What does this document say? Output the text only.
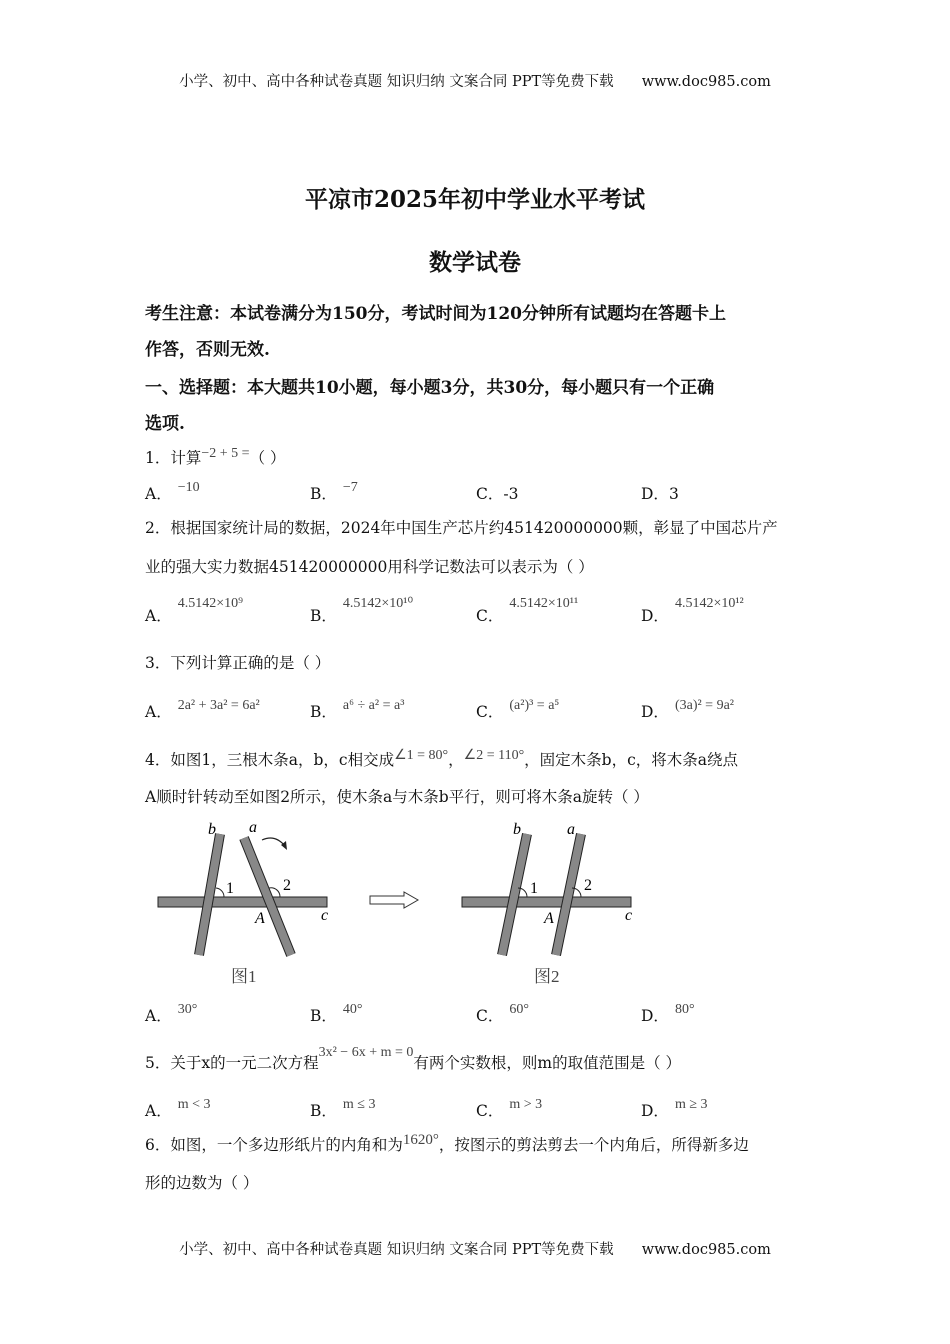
小学、初中、高中各种试卷真题 知识归纳 文案合同 PPT等免费下载 www.doc985.com
平凉市2025年初中学业水平考试
数学试卷
考生注意：本试卷满分为150分，考试时间为120分钟所有试题均在答题卡上
作答，否则无效.
一、选择题：本大题共10小题，每小题3分，共30分，每小题只有一个正确
选项.
1．计算−2 + 5 =（ ）
A． −10	B． −7	C．-3	D．3
2．根据国家统计局的数据，2024年中国生产芯片约451420000000颗，彰显了中国芯片产
业的强大实力数据451420000000用科学记数法可以表示为（ ）
A．4.5142×10⁹
B．4.5142×10¹⁰
C．4.5142×10¹¹
D．4.5142×10¹²
3．下列计算正确的是（ ）
A． 2a² + 3a² = 6a²	B． a⁶ ÷ a² = a³	C． (a²)³ = a⁵	D． (3a)² = 9a²
4．如图1，三根木条a，b，c相交成∠1 = 80°，∠2 = 110°，固定木条b，c，将木条a绕点
A顺时针转动至如图2所示，使木条a与木条b平行，则可将木条a旋转（ ）
b a
1	2
A	c
图1
b	a
1	2
A	c
图2
A． 30°	B． 40°	C． 60°	D． 80°
5．关于x的一元二次方程3x² − 6x + m = 0有两个实数根，则m的取值范围是（ ）
A． m < 3	B． m ≤ 3	C． m > 3	D． m ≥ 3
6．如图，一个多边形纸片的内角和为1620°，按图示的剪法剪去一个内角后，所得新多边
形的边数为（ ）
小学、初中、高中各种试卷真题 知识归纳 文案合同 PPT等免费下载 www.doc985.com
